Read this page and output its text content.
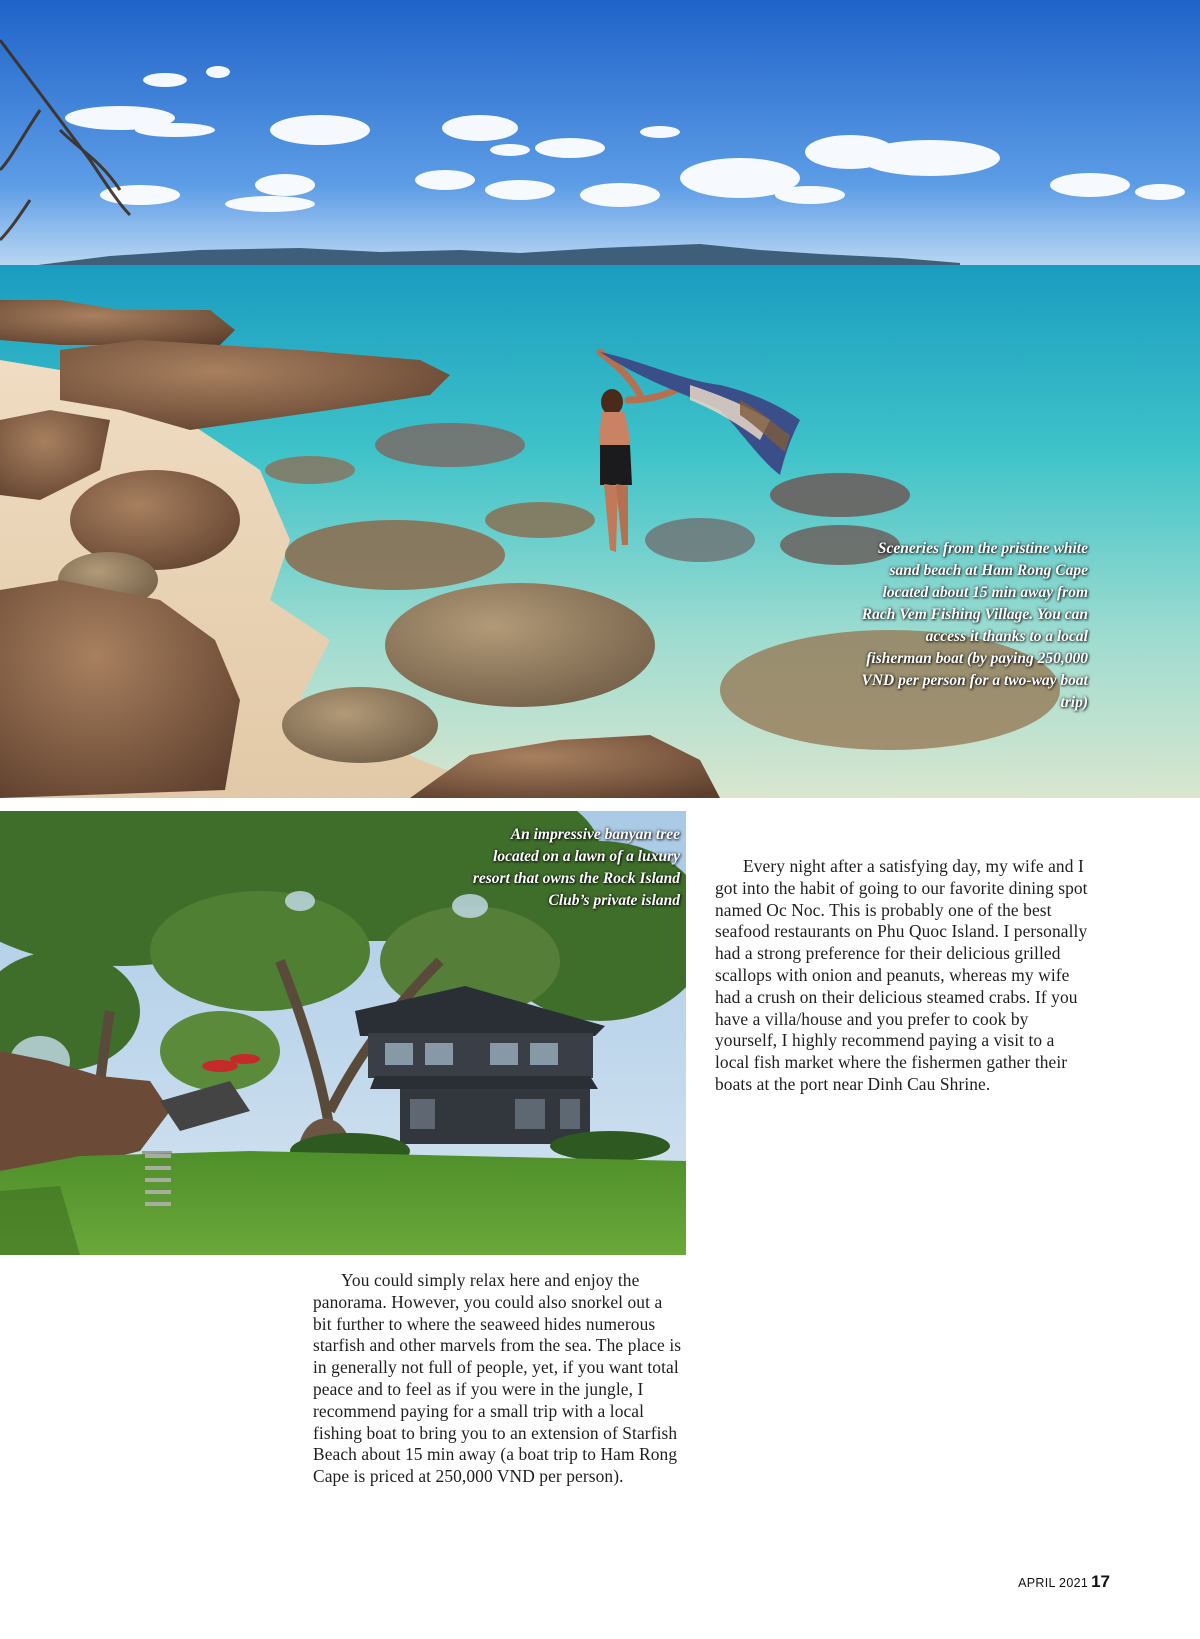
Sceneries from the pristine white sand beach at Ham Rong Cape located about 15 min away from Rach Vem Fishing Village. You can access it thanks to a local fisherman boat (by paying 250,000 VND per person for a two-way boat trip)
An impressive banyan tree located on a lawn of a luxury resort that owns the Rock Island Club’s private island

Every night after a satisfying day, my wife and I got into the habit of going to our favorite dining spot named Oc Noc. This is probably one of the best seafood restaurants on Phu Quoc Island. I personally had a strong preference for their delicious grilled scallops with onion and peanuts, whereas my wife had a crush on their delicious steamed crabs. If you have a villa/house and you prefer to cook by yourself, I highly recommend paying a visit to a local fish market where the fishermen gather their boats at the port near Dinh Cau Shrine.

You could simply relax here and enjoy the panorama. However, you could also snorkel out a bit further to where the seaweed hides numerous starfish and other marvels from the sea. The place is in generally not full of people, yet, if you want total peace and to feel as if you were in the jungle, I recommend paying for a small trip with a local fishing boat to bring you to an extension of Starfish Beach about 15 min away (a boat trip to Ham Rong Cape is priced at 250,000 VND per person).

APRIL 2021 17
